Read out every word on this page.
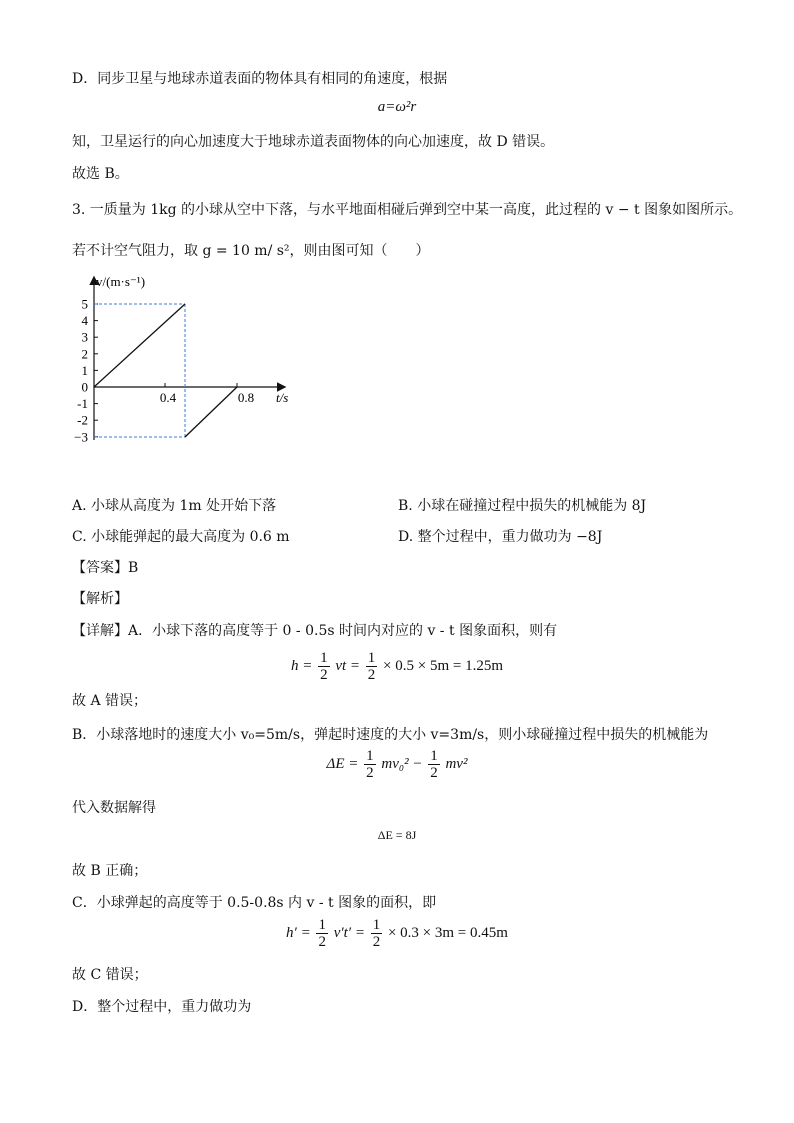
D．同步卫星与地球赤道表面的物体具有相同的角速度，根据
a=ω²r
知，卫星运行的向心加速度大于地球赤道表面物体的向心加速度，故 D 错误。
故选 B。
3. 一质量为 1kg 的小球从空中下落，与水平地面相碰后弹到空中某一高度，此过程的 v − t 图象如图所示。
若不计空气阻力，取 g = 10 m/ s²，则由图可知（　　）
5
4
3
2
1
0
-1
-2
−3
0.4	0.8 t/s
v/(m·s⁻¹)
A. 小球从高度为 1m 处开始下落	B. 小球在碰撞过程中损失的机械能为 8J
C. 小球能弹起的最大高度为 0.6 m	D. 整个过程中，重力做功为 −8J
【答案】B
【解析】
【详解】A．小球下落的高度等于 0 - 0.5s 时间内对应的 v - t 图象面积，则有
$h = \frac{1}{2}$ vt = $\frac{1}{2} \times 0.5 \times 5m = 1.25m$
故 A 错误；
B．小球落地时的速度大小 v₀=5m/s，弹起时速度的大小 v=3m/s，则小球碰撞过程中损失的机械能为
$\Delta E = \frac{1}{2} mv_0^2 - \frac{1}{2} mv^2$
代入数据解得
ΔE = 8J
故 B 正确；
C．小球弹起的高度等于 0.5-0.8s 内 v - t 图象的面积，即
$h' = \frac{1}{2} v't' = \frac{1}{2} \times 0.3 \times 3m = 0.45m$
故 C 错误；
D．整个过程中，重力做功为
